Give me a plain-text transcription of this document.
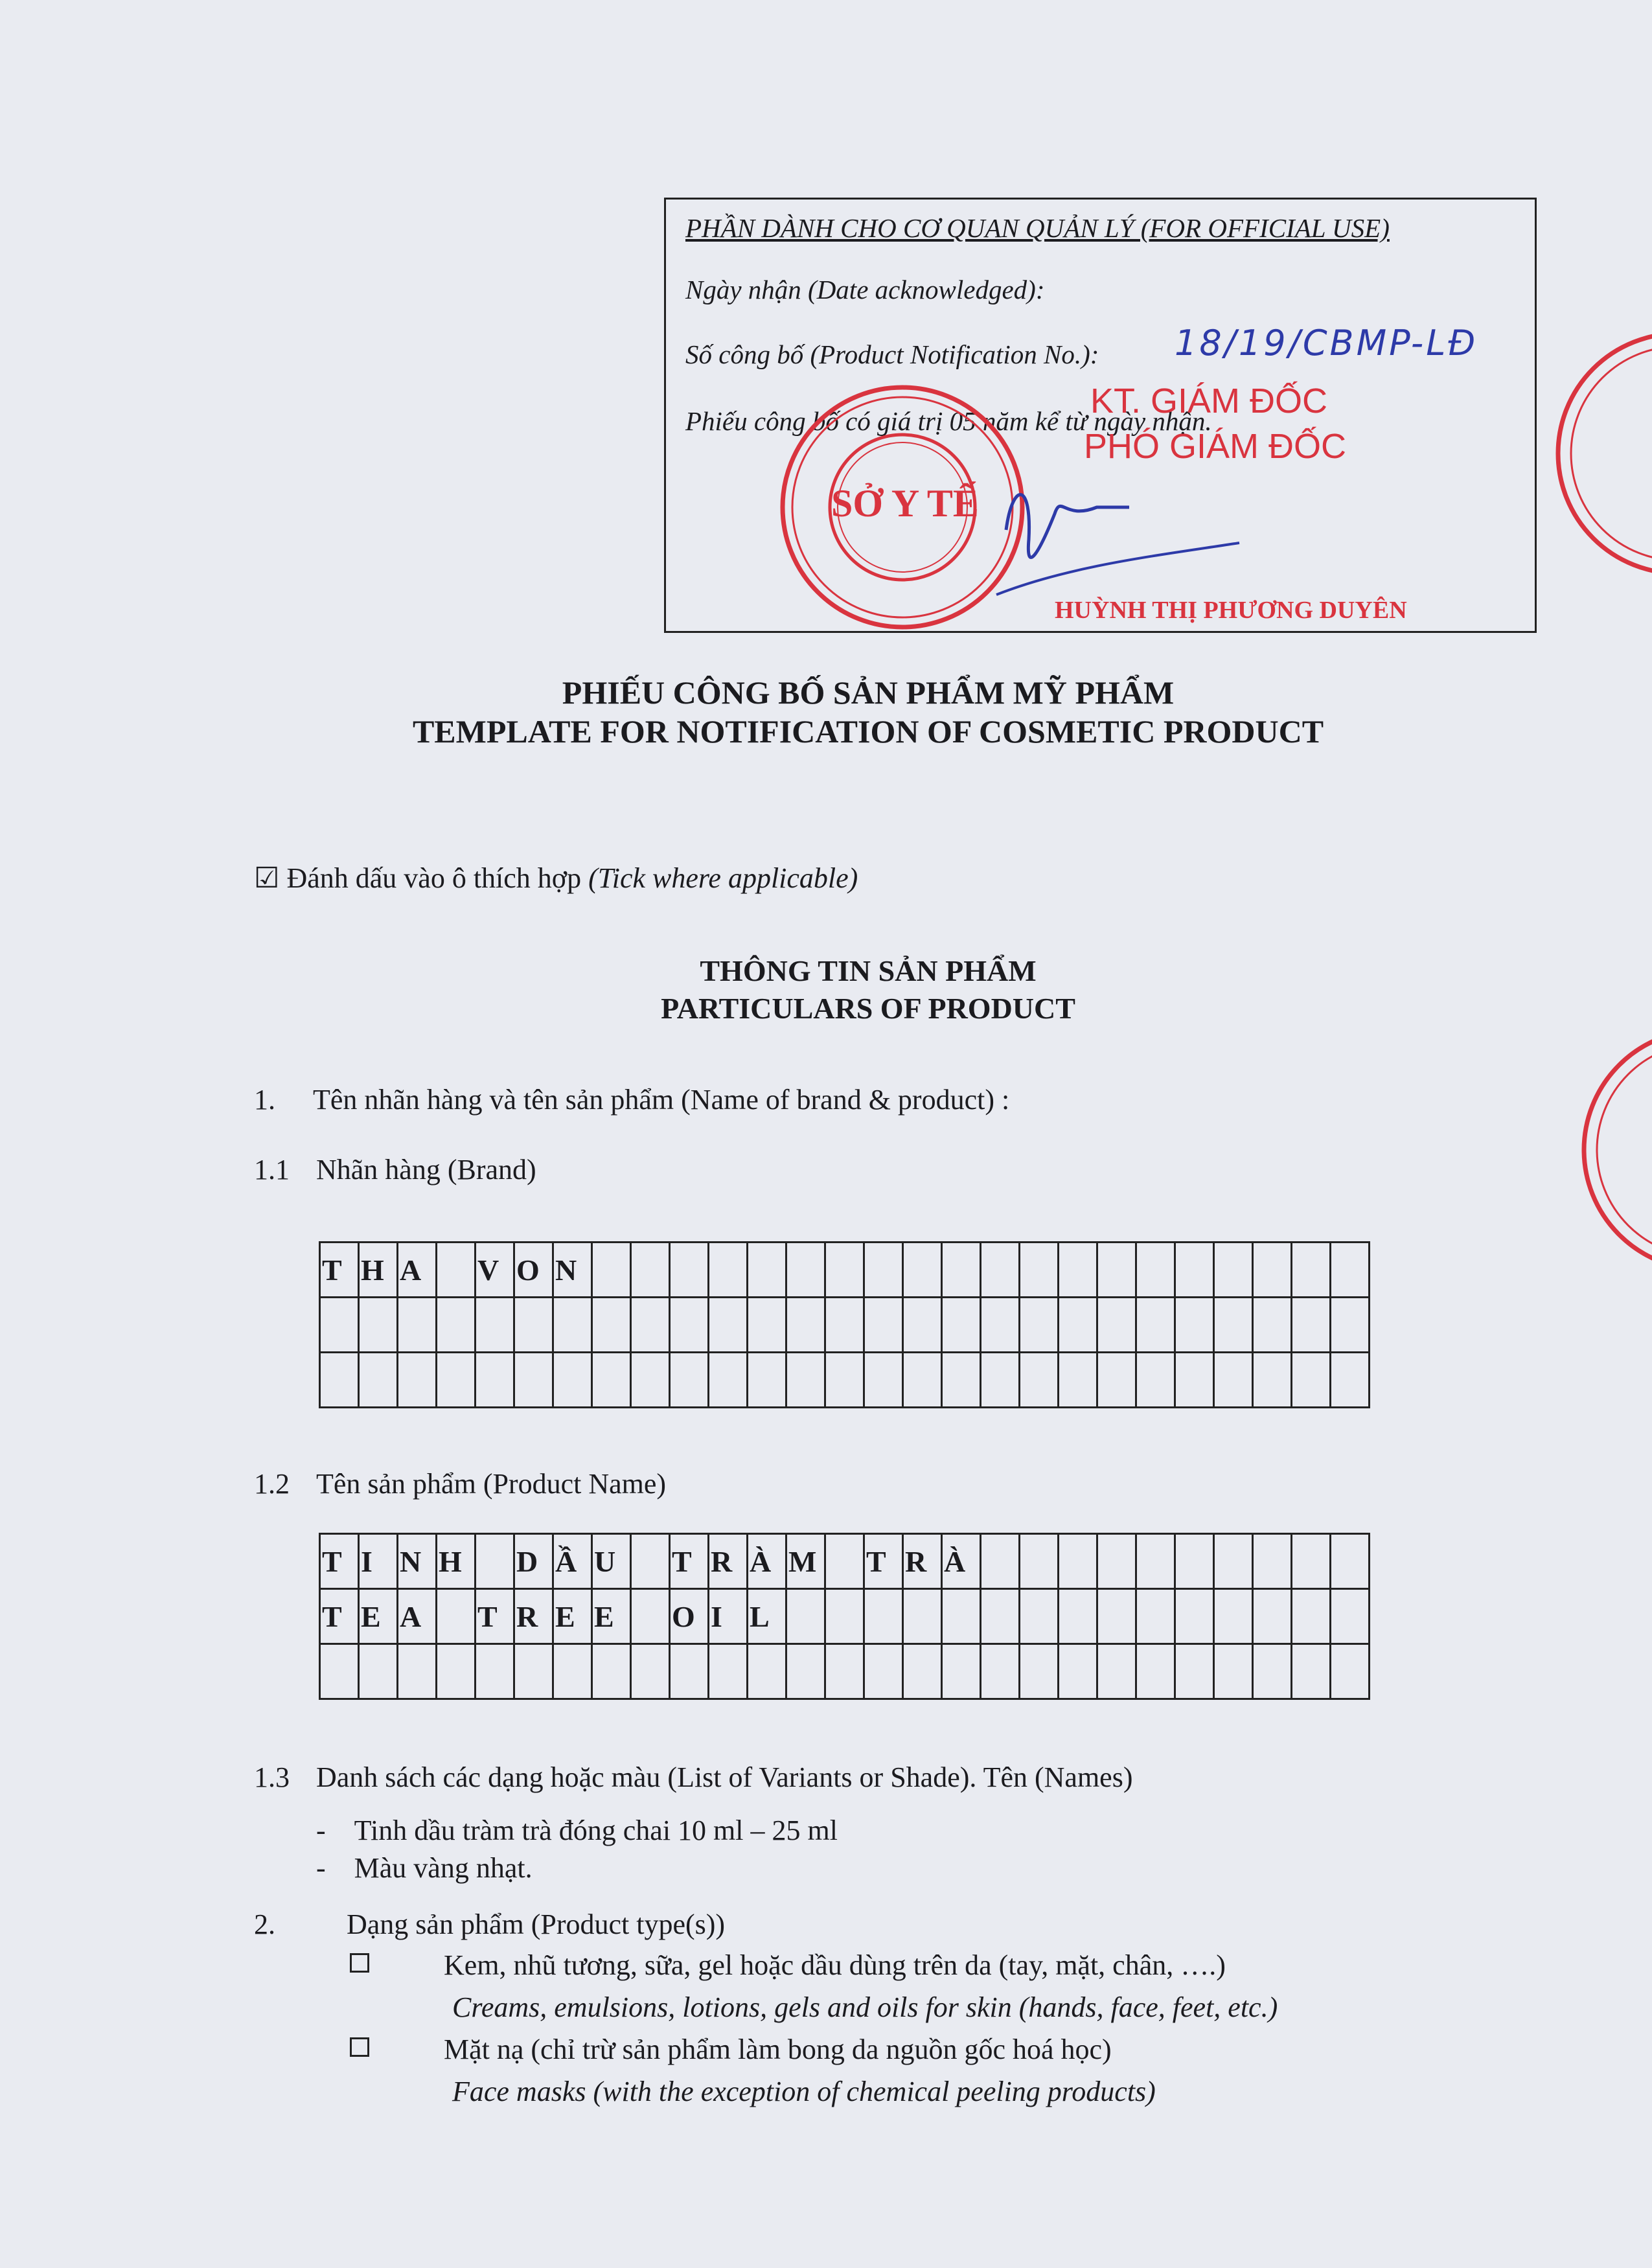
PHẦN DÀNH CHO CƠ QUAN QUẢN LÝ (FOR OFFICIAL USE)
Ngày nhận (Date acknowledged):
Số công bố (Product Notification No.): 18/19/CBMP-LĐ
Phiếu công bố có giá trị 05 năm kể từ ngày nhận.
KT. GIÁM ĐỐC
PHÓ GIÁM ĐỐC
SỞ Y TẾ
HUỲNH THỊ PHƯƠNG DUYÊN
PHIẾU CÔNG BỐ SẢN PHẨM MỸ PHẨM
TEMPLATE FOR NOTIFICATION OF COSMETIC PRODUCT
☑ Đánh dấu vào ô thích hợp (Tick where applicable)
THÔNG TIN SẢN PHẨM
PARTICULARS OF PRODUCT
1. Tên nhãn hàng và tên sản phẩm (Name of brand & product) :
1.1 Nhãn hàng (Brand)
T	H	A		V	O	N																				

1.2 Tên sản phẩm (Product Name)
T	I	N	H		D	Ầ	U		T	R	À	M		T	R	À										
T	E	A		T	R	E	E		O	I	L															

1.3 Danh sách các dạng hoặc màu (List of Variants or Shade). Tên (Names)
-    Tinh dầu tràm trà đóng chai 10 ml – 25 ml
-    Màu vàng nhạt.
2.	Dạng sản phẩm (Product type(s))
Kem, nhũ tương, sữa, gel hoặc dầu dùng trên da (tay, mặt, chân, ….)
Creams, emulsions, lotions, gels and oils for skin (hands, face, feet, etc.)
Mặt nạ (chỉ trừ sản phẩm làm bong da nguồn gốc hoá học)
Face masks (with the exception of chemical peeling products)
